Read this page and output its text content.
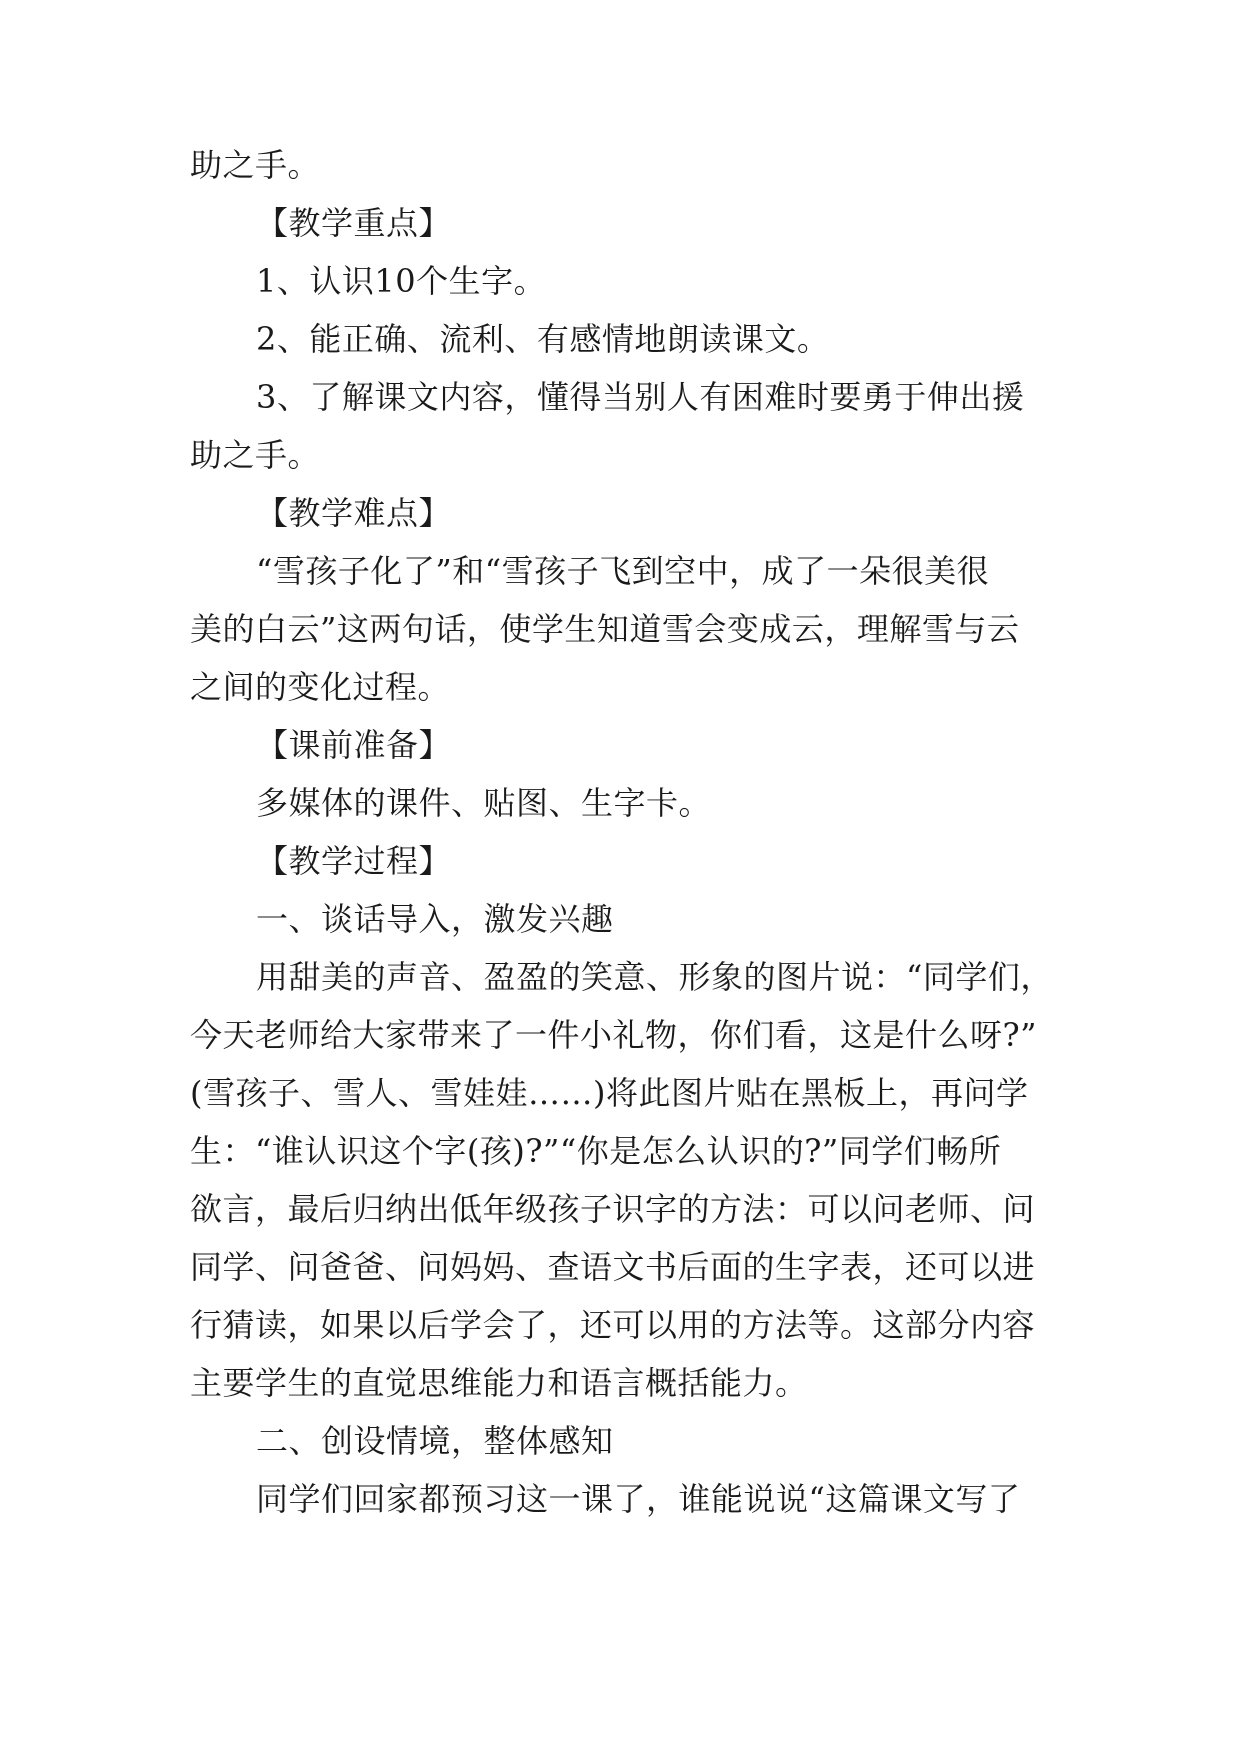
助之手。
【教学重点】
1、认识10个生字。
2、能正确、流利、有感情地朗读课文。
3、了解课文内容，懂得当别人有困难时要勇于伸出援
助之手。
【教学难点】
“雪孩子化了”和“雪孩子飞到空中，成了一朵很美很
美的白云”这两句话，使学生知道雪会变成云，理解雪与云
之间的变化过程。
【课前准备】
多媒体的课件、贴图、生字卡。
【教学过程】
一、谈话导入，激发兴趣
用甜美的声音、盈盈的笑意、形象的图片说：“同学们，
今天老师给大家带来了一件小礼物，你们看，这是什么呀?”
(雪孩子、雪人、雪娃娃……)将此图片贴在黑板上，再问学
生：“谁认识这个字(孩)?”“你是怎么认识的?”同学们畅所
欲言，最后归纳出低年级孩子识字的方法：可以问老师、问
同学、问爸爸、问妈妈、查语文书后面的生字表，还可以进
行猜读，如果以后学会了，还可以用的方法等。这部分内容
主要学生的直觉思维能力和语言概括能力。
二、创设情境，整体感知
同学们回家都预习这一课了，谁能说说“这篇课文写了
